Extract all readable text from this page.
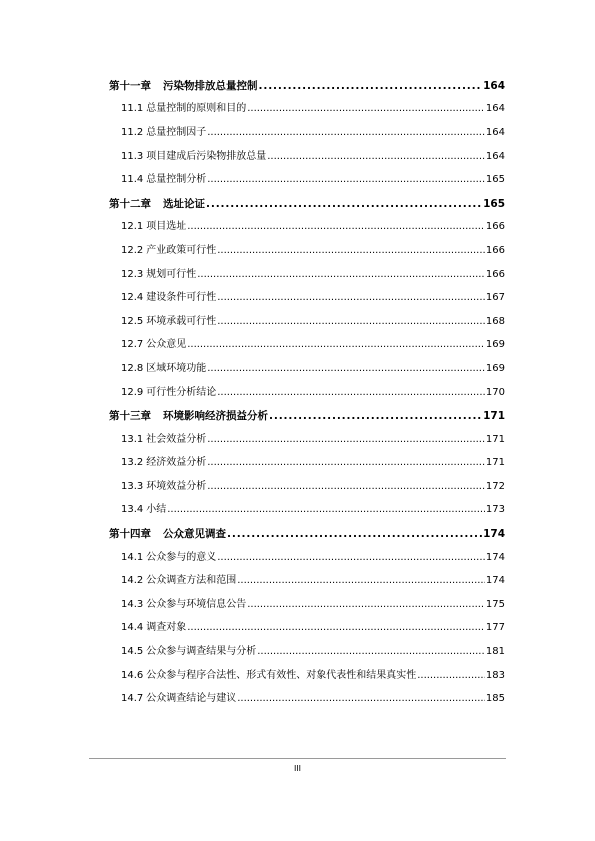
第十一章 污染物排放总量控制 . . .	164
11.1 总量控制的原则和目的 . . .	164
11.2 总量控制因子 . . .	164
11.3 项目建成后污染物排放总量 . . .	164
11.4 总量控制分析 . . .	165
第十二章 选址论证 . . .	165
12.1 项目选址 . . .	166
12.2 产业政策可行性 . . .	166
12.3 规划可行性 . . .	166
12.4 建设条件可行性 . . .	167
12.5 环境承载可行性 . . .	168
12.7 公众意见 . . .	169
12.8 区域环境功能 . . .	169
12.9 可行性分析结论 . . .	170
第十三章 环境影响经济损益分析 . . .	171
13.1 社会效益分析 . . .	171
13.2 经济效益分析 . . .	171
13.3 环境效益分析 . . .	172
13.4 小结 . . .	173
第十四章 公众意见调查 . . .	174
14.1 公众参与的意义 . . .	174
14.2 公众调查方法和范围 . . .	174
14.3 公众参与环境信息公告 . . .	175
14.4 调查对象 . . .	177
14.5 公众参与调查结果与分析 . . .	181
14.6 公众参与程序合法性、形式有效性、对象代表性和结果真实性 . . .	183
14.7 公众调查结论与建议 . . .	185
III
